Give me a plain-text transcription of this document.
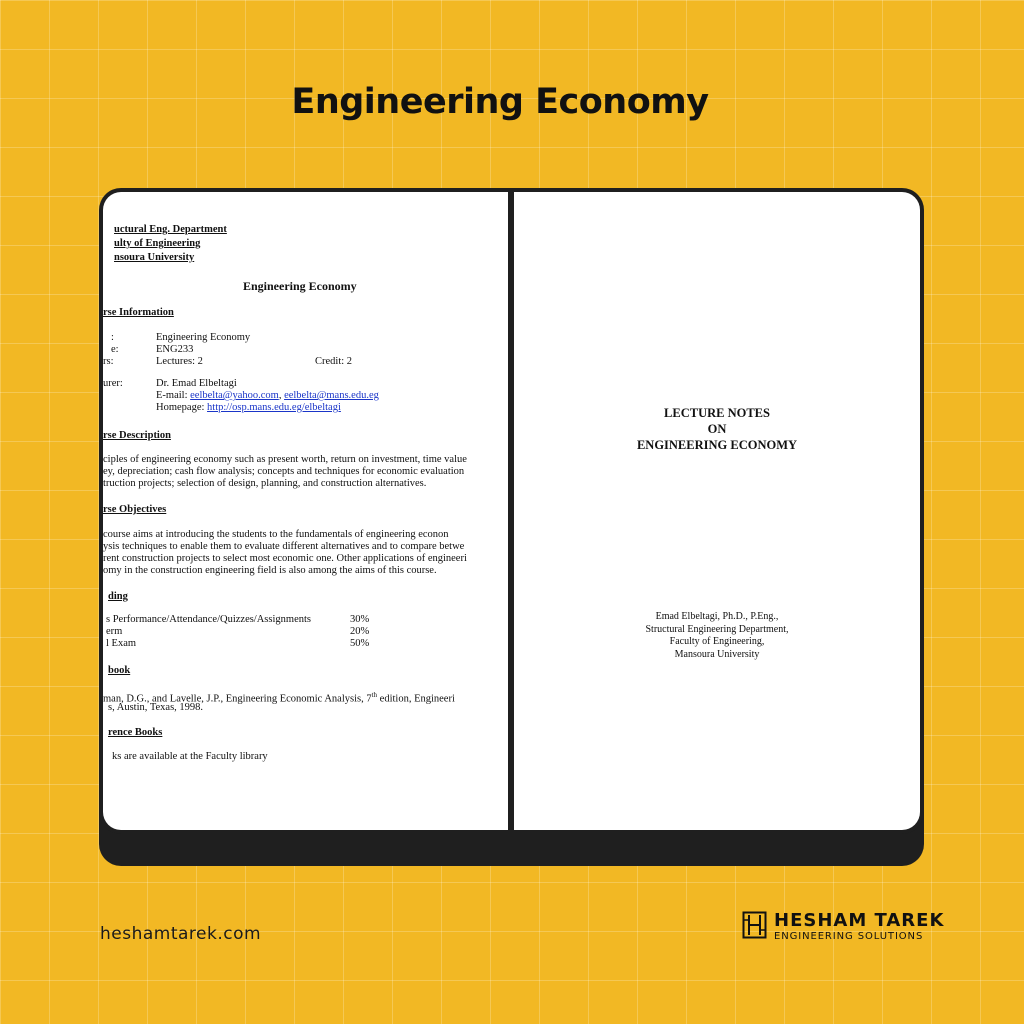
Engineering Economy
uctural Eng. Department
ulty of Engineering
nsoura University
Engineering Economy
rse Information
:	Engineering Economy
e:	ENG233
rs:	Lectures: 2	Credit: 2
urer:	Dr. Emad Elbeltagi
E-mail: eelbelta@yahoo.com, eelbelta@mans.edu.eg
Homepage: http://osp.mans.edu.eg/elbeltagi
rse Description
ciples of engineering economy such as present worth, return on investment, time value
ey, depreciation; cash flow analysis; concepts and techniques for economic evaluation
truction projects; selection of design, planning, and construction alternatives.
rse Objectives
course aims at introducing the students to the fundamentals of engineering econon
ysis techniques to enable them to evaluate different alternatives and to compare betwe
rent construction projects to select most economic one. Other applications of engineeri
omy in the construction engineering field is also among the aims of this course.
ding
s Performance/Attendance/Quizzes/Assignments	30%
erm	20%
l Exam	50%
book
man, D.G., and Lavelle, J.P., Engineering Economic Analysis, 7th edition, Engineeri
s, Austin, Texas, 1998.
rence Books
ks are available at the Faculty library
LECTURE NOTES
ON
ENGINEERING ECONOMY
Emad Elbeltagi, Ph.D., P.Eng.,
Structural Engineering Department,
Faculty of Engineering,
Mansoura University
heshamtarek.com
HESHAM TAREK
ENGINEERING SOLUTIONS
